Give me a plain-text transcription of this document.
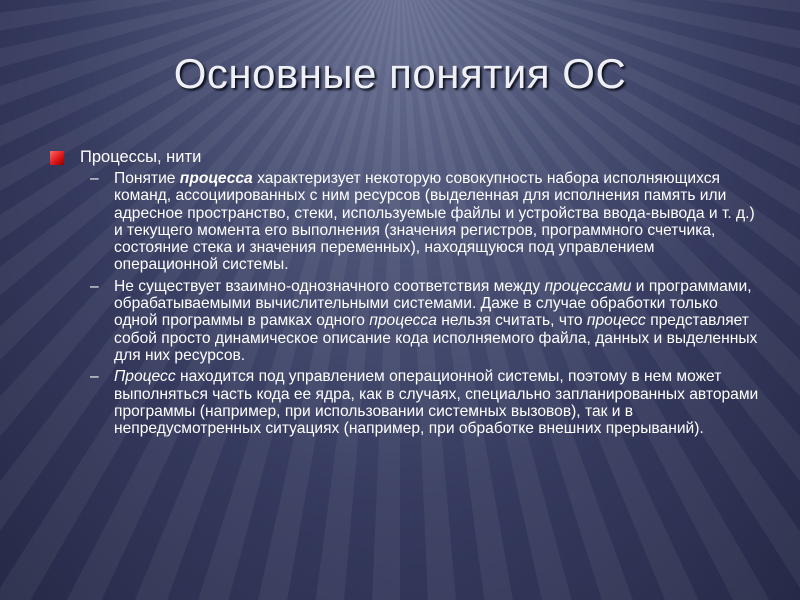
Основные понятия ОС
Процессы, нити
– Понятие процесса характеризует некоторую совокупность набора исполняющихся команд, ассоциированных с ним ресурсов (выделенная для исполнения память или адресное пространство, стеки, используемые файлы и устройства ввода-вывода и т. д.) и текущего момента его выполнения (значения регистров, программного счетчика, состояние стека и значения переменных), находящуюся под управлением операционной системы.
– Не существует взаимно-однозначного соответствия между процессами и программами, обрабатываемыми вычислительными системами. Даже в случае обработки только одной программы в рамках одного процесса нельзя считать, что процесс представляет собой просто динамическое описание кода исполняемого файла, данных и выделенных для них ресурсов.
– Процесс находится под управлением операционной системы, поэтому в нем может выполняться часть кода ее ядра, как в случаях, специально запланированных авторами программы (например, при использовании системных вызовов), так и в непредусмотренных ситуациях (например, при обработке внешних прерываний).
